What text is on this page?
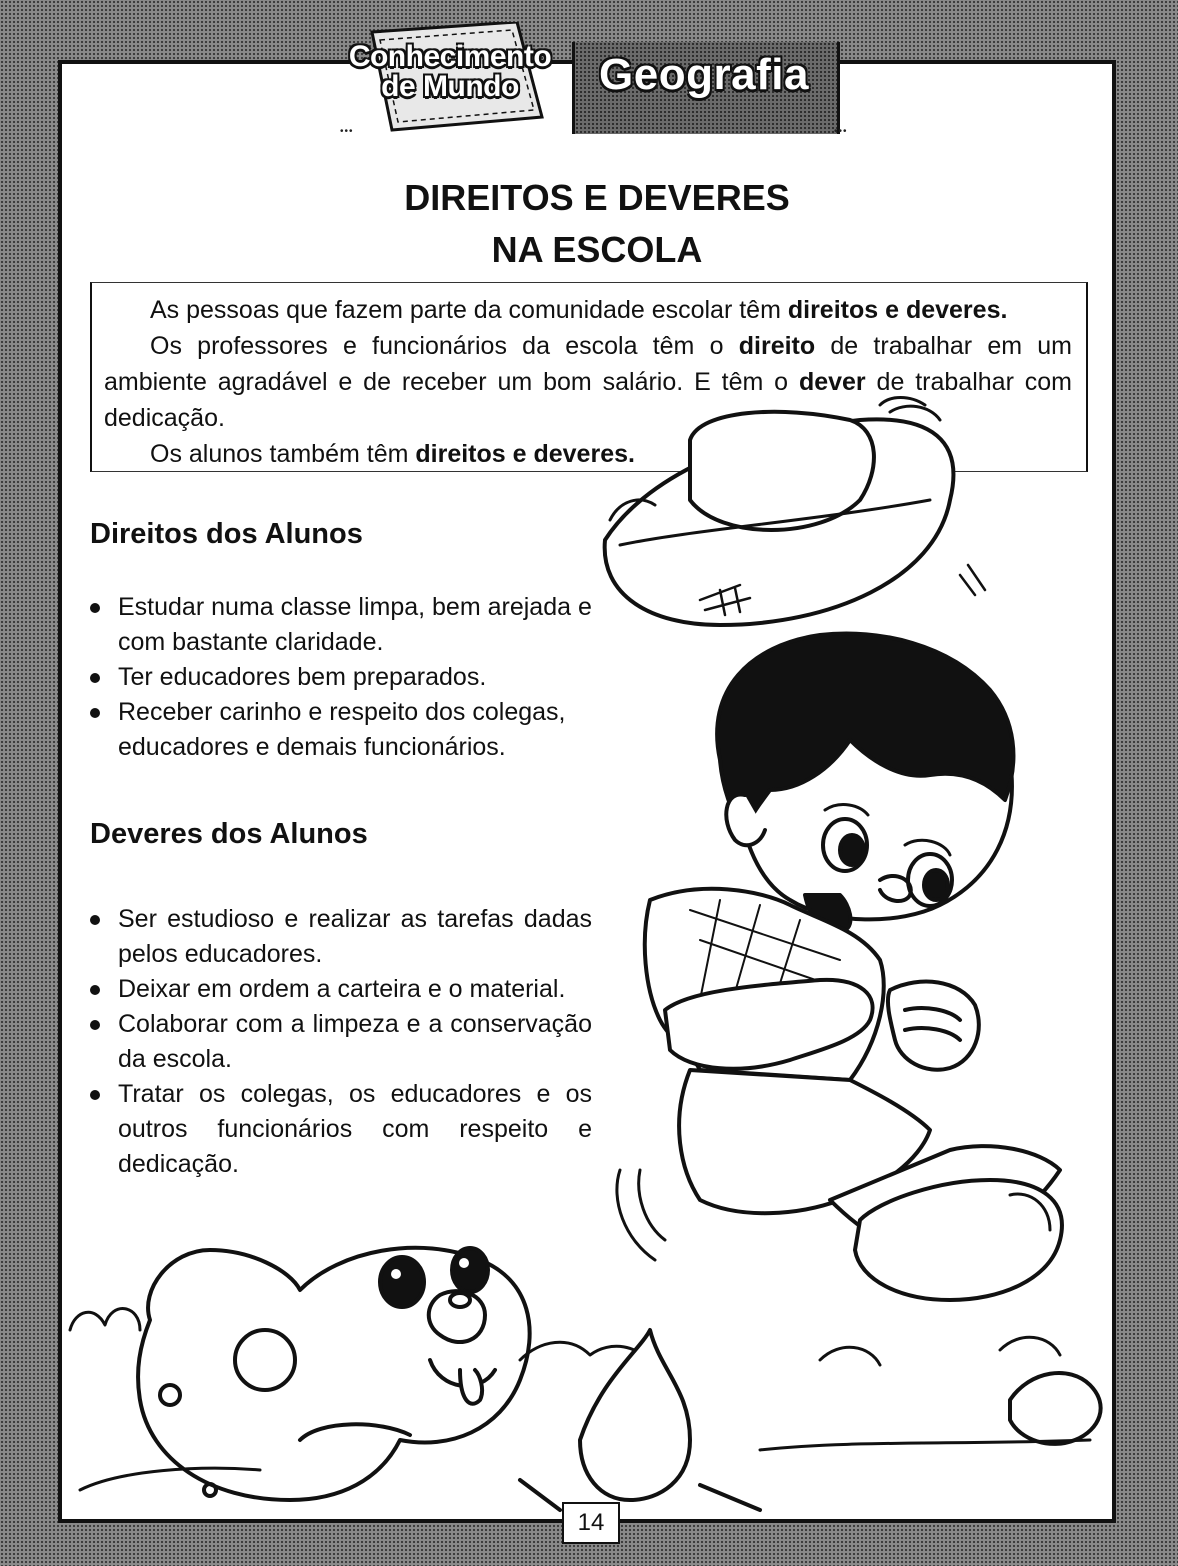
Conhecimento
de Mundo	Geografia
•••	•••
DIREITOS E DEVERES
NA ESCOLA

As pessoas que fazem parte da comunidade escolar têm direitos e deveres.

Os professores e funcionários da escola têm o direito de trabalhar em um ambiente agradável e de receber um bom salário. E têm o dever de trabalhar com dedicação.

Os alunos também têm direitos e deveres.

Direitos dos Alunos
Estudar numa classe limpa, bem arejada e com bastante claridade.
Ter educadores bem preparados.
Receber carinho e respeito dos colegas, educadores e demais funcionários.
Deveres dos Alunos
Ser estudioso e realizar as tarefas dadas pelos educadores.
Deixar em ordem a carteira e o material.
Colaborar com a limpeza e a conservação da escola.
Tratar os colegas, os educadores e os outros funcionários com respeito e dedicação.
14
